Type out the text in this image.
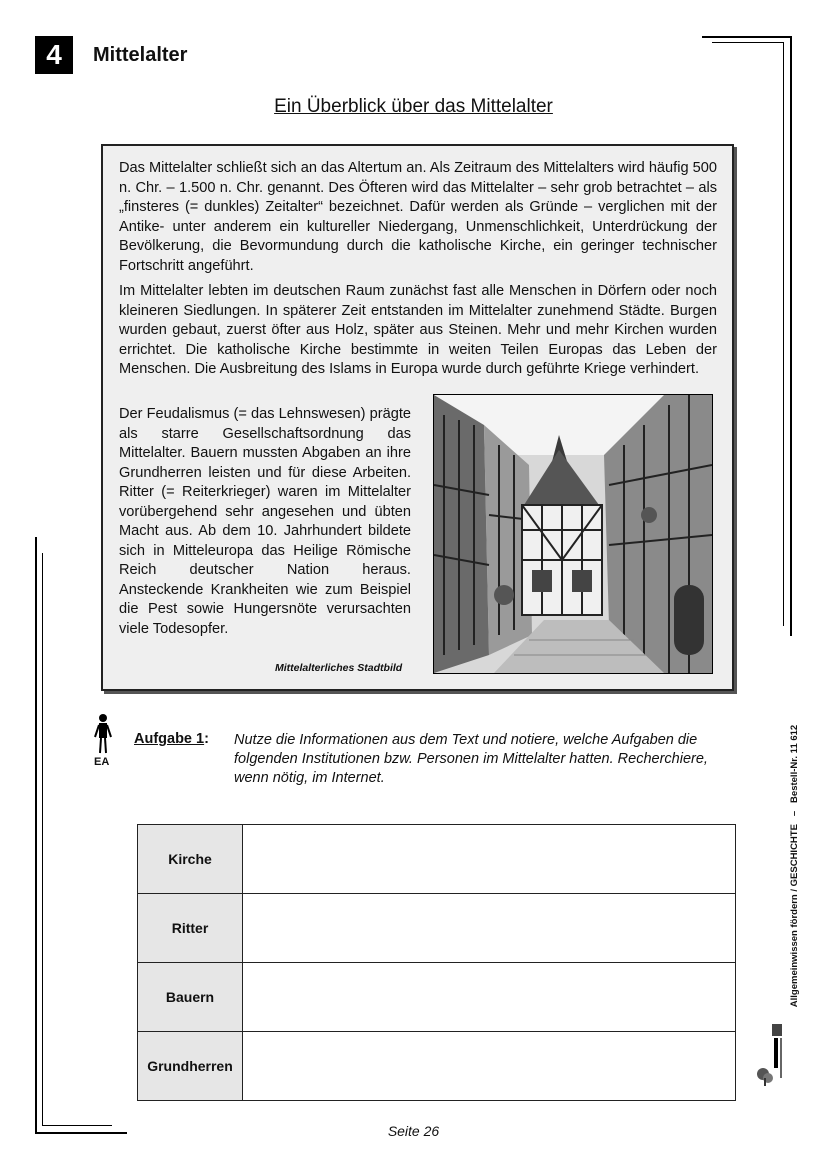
4	Mittelalter
Ein Überblick über das Mittelalter

Das Mittelalter schließt sich an das Altertum an. Als Zeitraum des Mittelalters wird häufig 500 n. Chr. – 1.500 n. Chr. genannt. Des Öfteren wird das Mittelalter – sehr grob betrachtet – als „finsteres (= dunkles) Zeitalter“ bezeichnet. Dafür werden als Gründe – verglichen mit der Antike- unter anderem ein kultureller Niedergang, Unmenschlichkeit, Unterdrückung der Bevölkerung, die Bevormundung durch die katholische Kirche, ein geringer technischer Fortschritt angeführt.

Im Mittelalter lebten im deutschen Raum zunächst fast alle Menschen in Dörfern oder noch kleineren Siedlungen. In späterer Zeit entstanden im Mittelalter zunehmend Städte. Burgen wurden gebaut, zuerst öfter aus Holz, später aus Steinen. Mehr und mehr Kirchen wurden errichtet. Die katholische Kirche bestimmte in weiten Teilen Europas das Leben der Menschen. Die Ausbreitung des Islams in Europa wurde durch geführte Kriege verhindert.

Der Feudalismus (= das Lehnswesen) prägte als starre Gesellschaftsordnung das Mittelalter. Bauern mussten Abgaben an ihre Grundherren leisten und für diese Arbeiten. Ritter (= Reiterkrieger) waren im Mittelalter vorübergehend sehr angesehen und übten Macht aus. Ab dem 10. Jahrhundert bildete sich in Mitteleuropa das Heilige Römische Reich deutscher Nation heraus. Ansteckende Krankheiten wie zum Beispiel die Pest sowie Hungersnöte verursachten viele Todesopfer.

Mittelalterliches Stadtbild
EA
Aufgabe 1: Nutze die Informationen aus dem Text und notiere, welche Aufgaben die folgenden Institutionen bzw. Personen im Mittelalter hatten. Recherchiere, wenn nötig, im Internet.
Kirche	
Ritter	
Bauern	
Grundherren	
Allgemeinwissen fördern / GESCHICHTE   –   Bestell-Nr. 11 612
Seite 26
